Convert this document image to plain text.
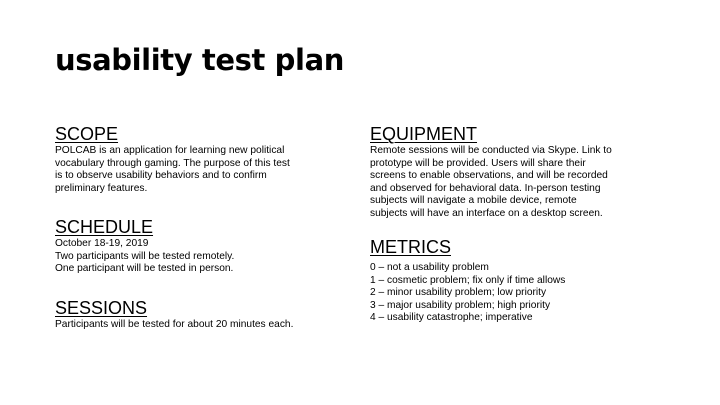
usability test plan
SCOPE

POLCAB is an application for learning new political
vocabulary through gaming. The purpose of this test
is to observe usability behaviors and to confirm
preliminary features.

SCHEDULE

October 18-19, 2019
Two participants will be tested remotely.
One participant will be tested in person.

SESSIONS

Participants will be tested for about 20 minutes each.

EQUIPMENT

Remote sessions will be conducted via Skype. Link to
prototype will be provided. Users will share their
screens to enable observations, and will be recorded
and observed for behavioral data. In-person testing
subjects will navigate a mobile device, remote
subjects will have an interface on a desktop screen.

METRICS

0 – not a usability problem
1 – cosmetic problem; fix only if time allows
2 – minor usability problem; low priority
3 – major usability problem; high priority
4 – usability catastrophe; imperative
